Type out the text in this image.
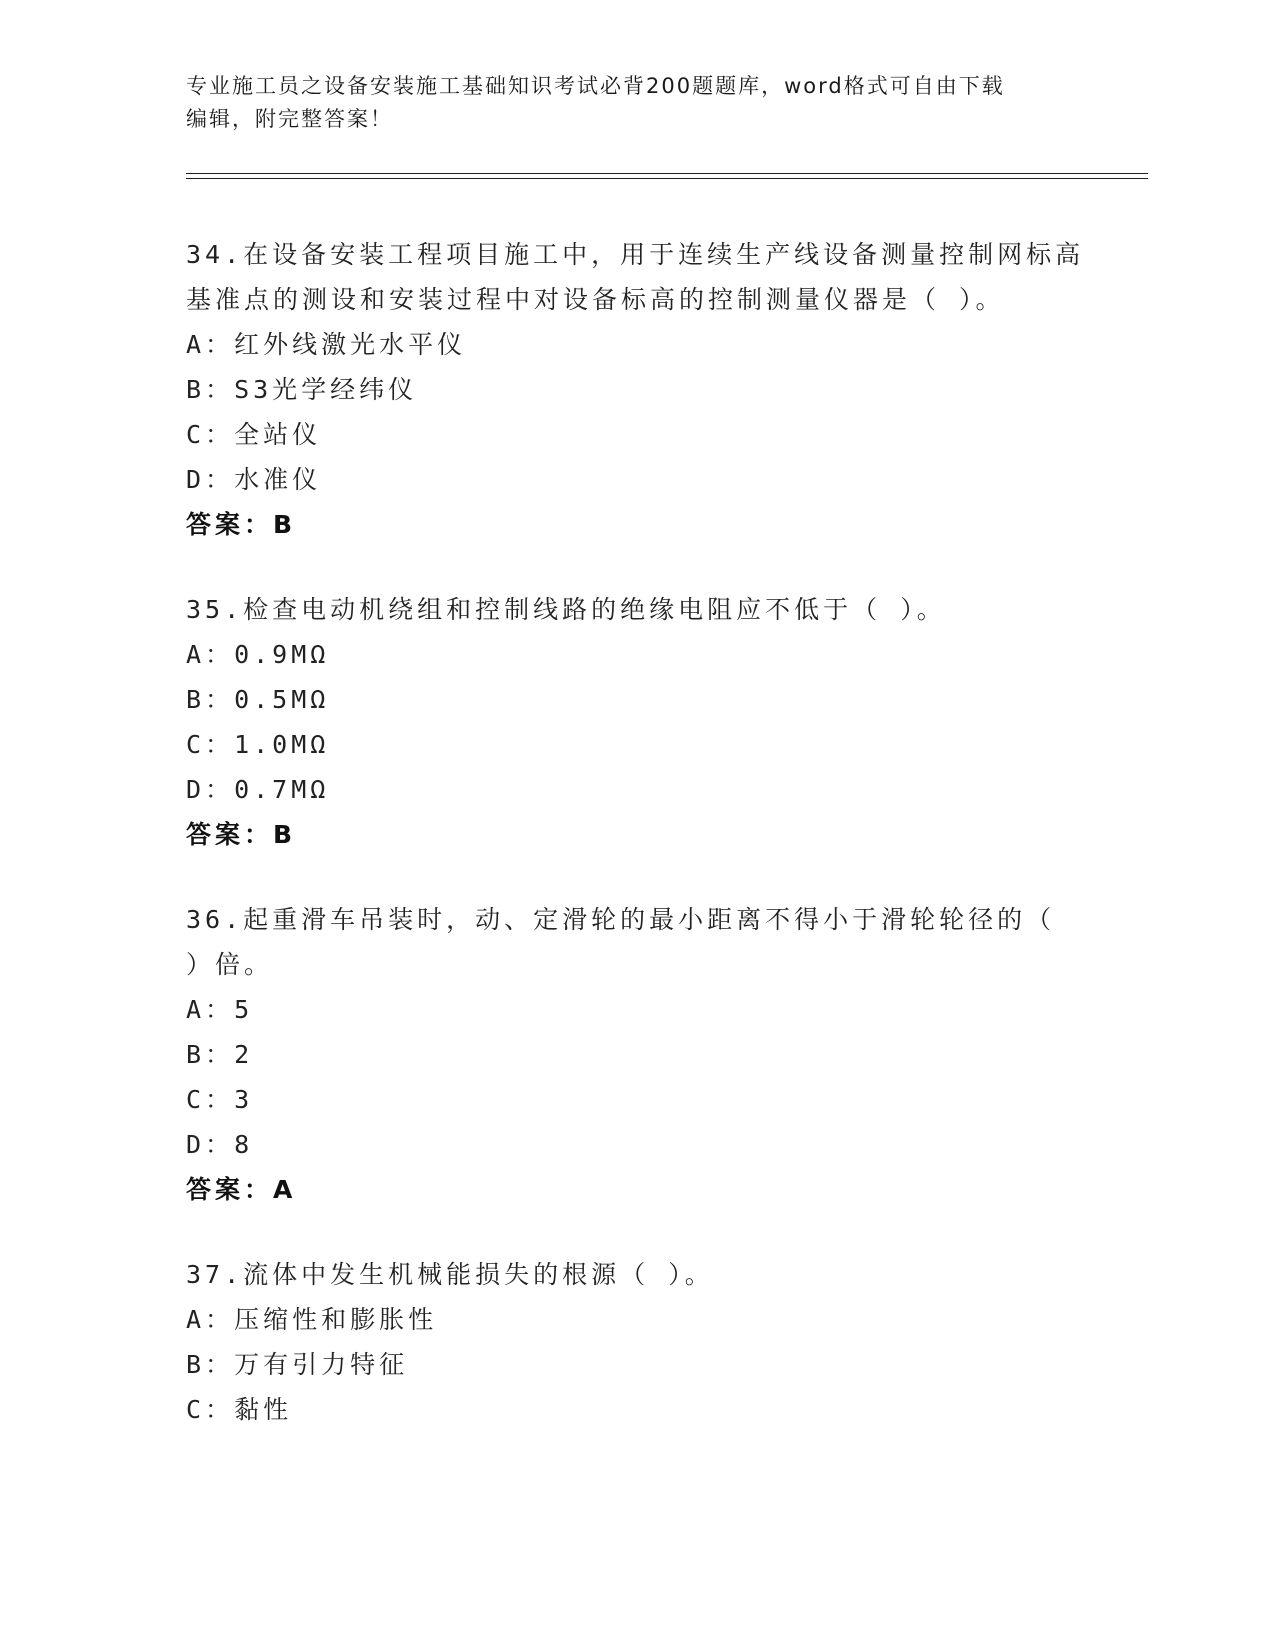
专业施工员之设备安装施工基础知识考试必背200题题库，word格式可自由下载
编辑，附完整答案！

34.在设备安装工程项目施工中，用于连续生产线设备测量控制网标高基准点的测设和安装过程中对设备标高的控制测量仪器是（ ）。

A： 红外线激光水平仪
B： S3光学经纬仪
C： 全站仪
D： 水准仪

答案：B

35.检查电动机绕组和控制线路的绝缘电阻应不低于（ ）。

A： 0.9MΩ
B： 0.5MΩ
C： 1.0MΩ
D： 0.7MΩ

答案：B

36.起重滑车吊装时，动、定滑轮的最小距离不得小于滑轮轮径的（ ）倍。

A： 5
B： 2
C： 3
D： 8

答案：A

37.流体中发生机械能损失的根源（ ）。

A： 压缩性和膨胀性
B： 万有引力特征
C： 黏性
